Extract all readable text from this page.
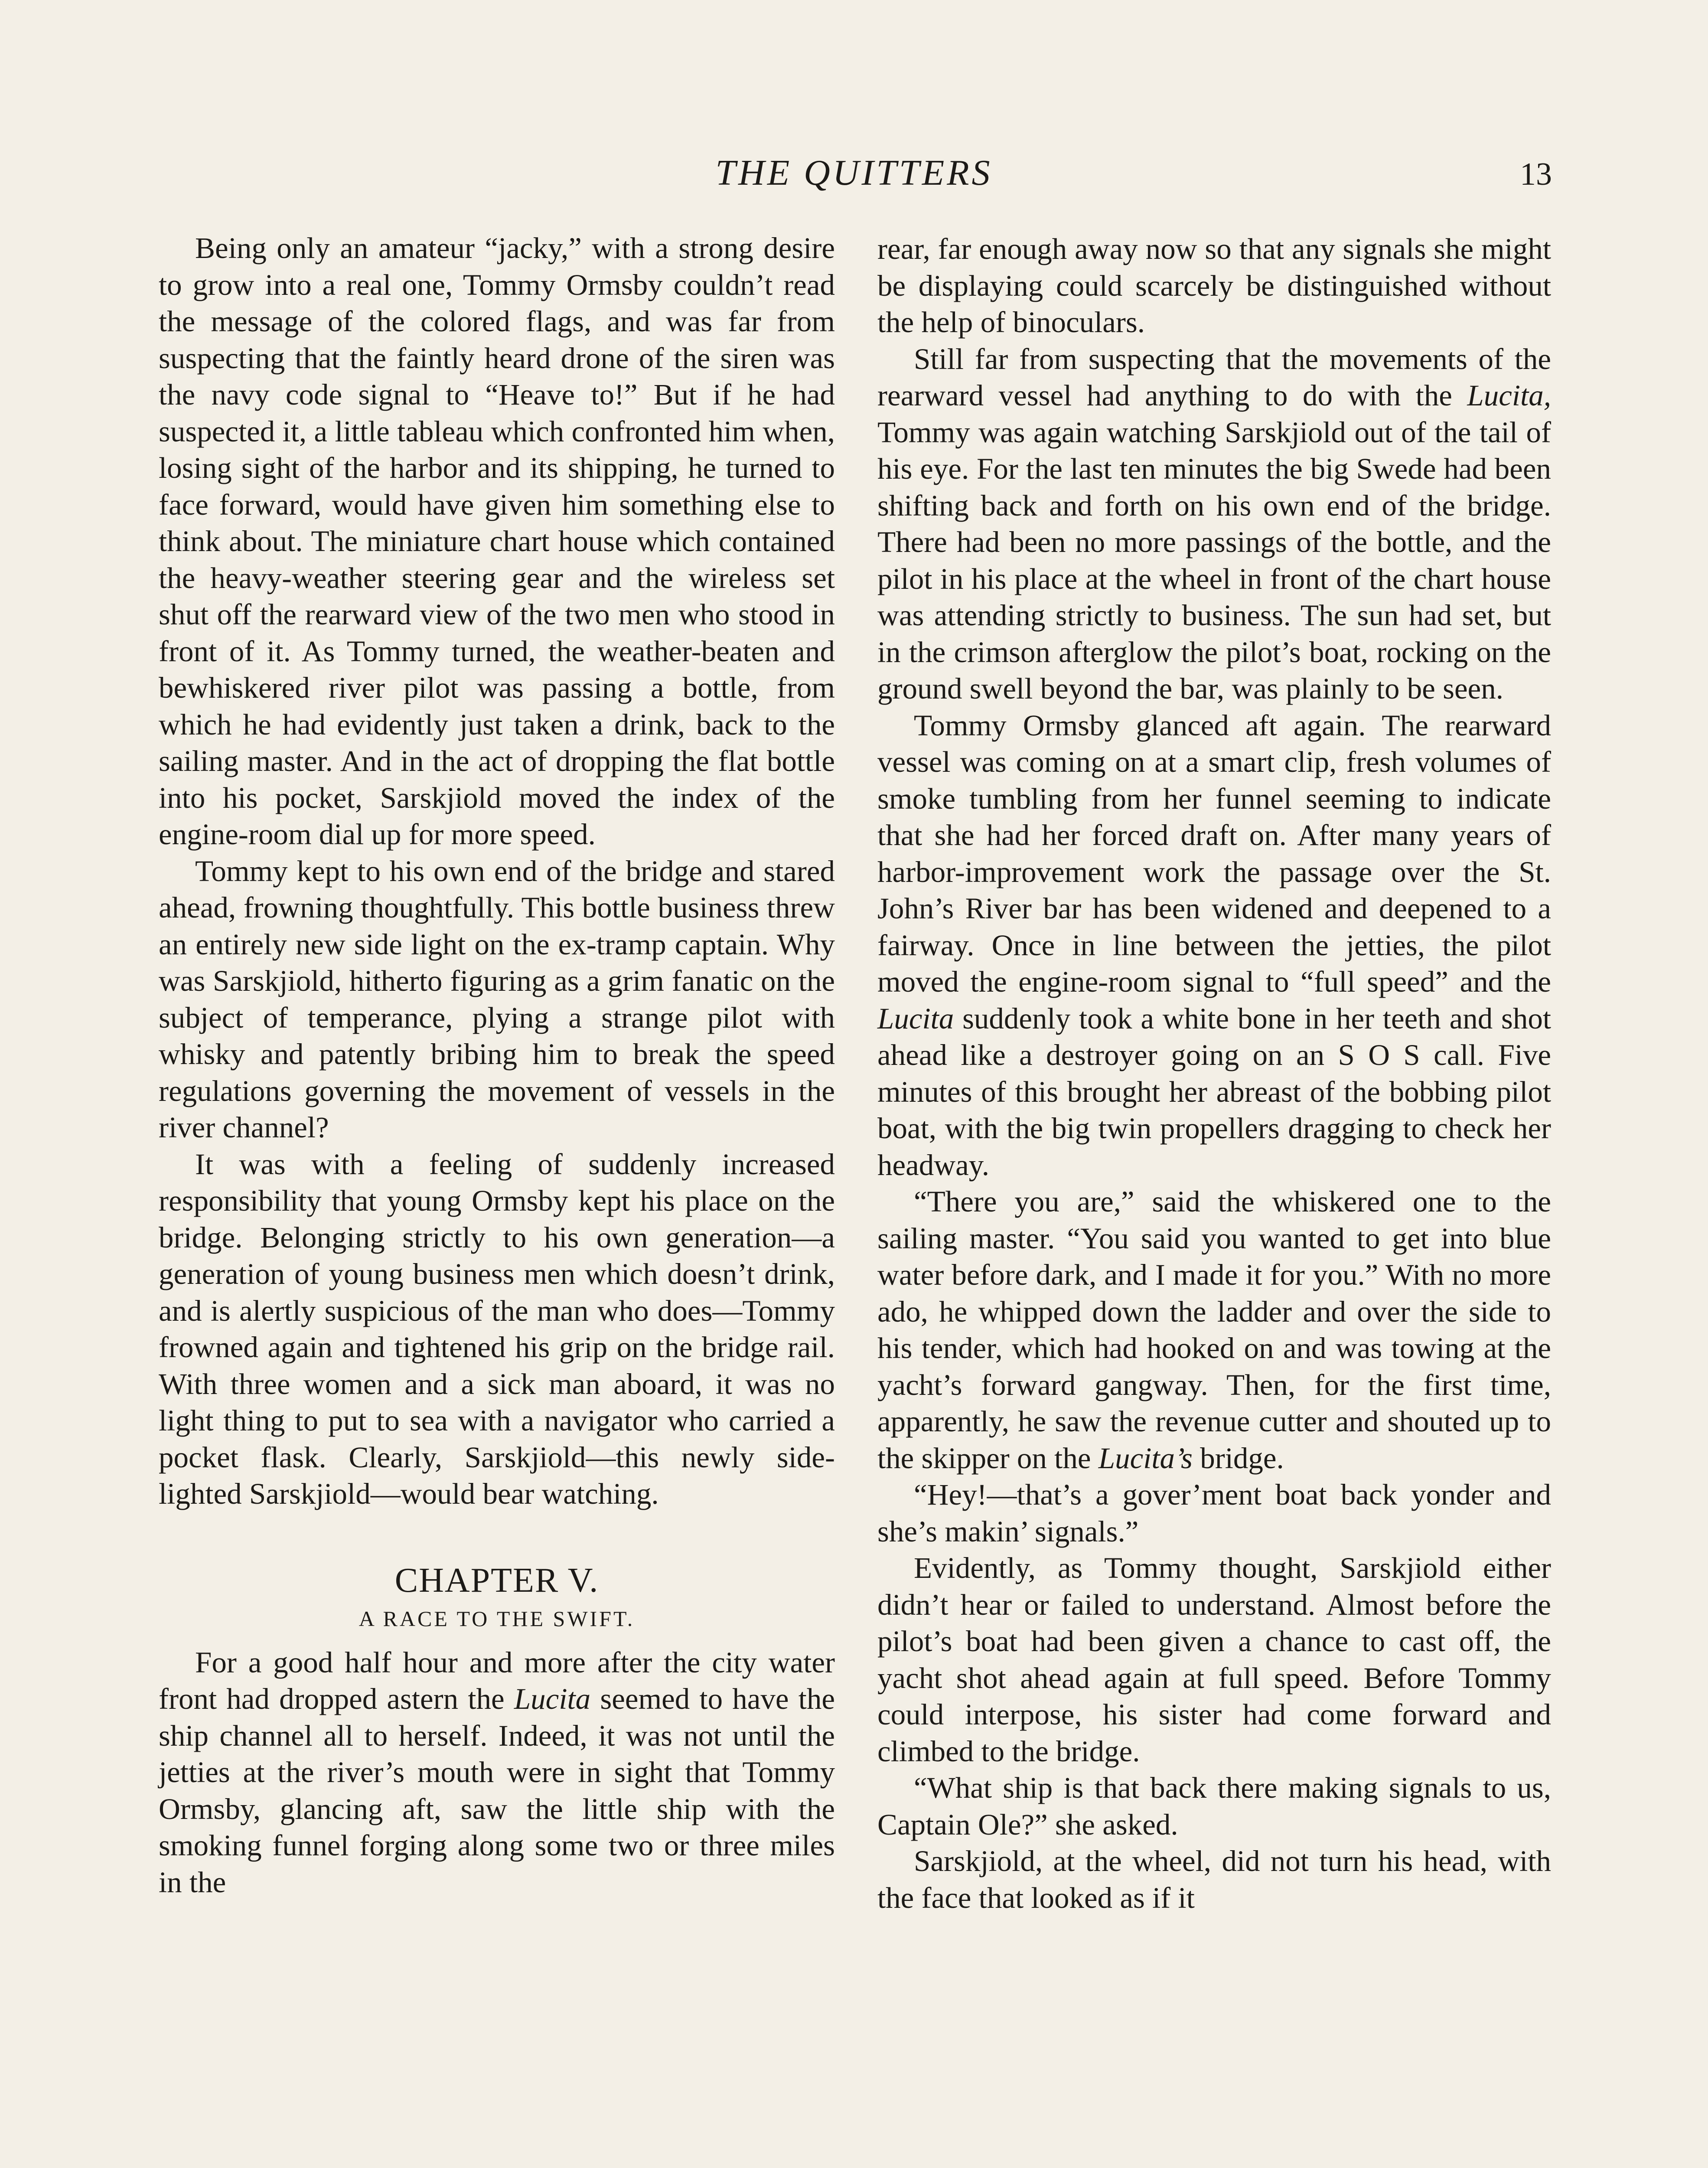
THE QUITTERS	13

Being only an amateur “jacky,” with a strong desire to grow into a real one, Tommy Ormsby couldn’t read the message of the colored flags, and was far from suspecting that the faintly heard drone of the siren was the navy code signal to “Heave to!” But if he had suspected it, a little tableau which confronted him when, losing sight of the harbor and its shipping, he turned to face forward, would have given him something else to think about. The miniature chart house which contained the heavy-weather steering gear and the wireless set shut off the rearward view of the two men who stood in front of it. As Tommy turned, the weather-beaten and bewhiskered river pilot was passing a bottle, from which he had evidently just taken a drink, back to the sailing master. And in the act of dropping the flat bottle into his pocket, Sarskjiold moved the index of the engine-room dial up for more speed.

Tommy kept to his own end of the bridge and stared ahead, frowning thoughtfully. This bottle business threw an entirely new side light on the ex-tramp captain. Why was Sarskjiold, hitherto figuring as a grim fanatic on the subject of temperance, plying a strange pilot with whisky and patently bribing him to break the speed regulations governing the movement of vessels in the river channel?

It was with a feeling of suddenly increased responsibility that young Ormsby kept his place on the bridge. Belonging strictly to his own generation—a generation of young business men which doesn’t drink, and is alertly suspicious of the man who does—Tommy frowned again and tightened his grip on the bridge rail. With three women and a sick man aboard, it was no light thing to put to sea with a navigator who carried a pocket flask. Clearly, Sarskjiold—this newly side-lighted Sarskjiold—would bear watching.

CHAPTER V.
A RACE TO THE SWIFT.

For a good half hour and more after the city water front had dropped astern the Lucita seemed to have the ship channel all to herself. Indeed, it was not until the jetties at the river’s mouth were in sight that Tommy Ormsby, glancing aft, saw the little ship with the smoking funnel forging along some two or three miles in the

rear, far enough away now so that any signals she might be displaying could scarcely be distinguished without the help of binoculars.

Still far from suspecting that the movements of the rearward vessel had anything to do with the Lucita, Tommy was again watching Sarskjiold out of the tail of his eye. For the last ten minutes the big Swede had been shifting back and forth on his own end of the bridge. There had been no more passings of the bottle, and the pilot in his place at the wheel in front of the chart house was attending strictly to business. The sun had set, but in the crimson afterglow the pilot’s boat, rocking on the ground swell beyond the bar, was plainly to be seen.

Tommy Ormsby glanced aft again. The rearward vessel was coming on at a smart clip, fresh volumes of smoke tumbling from her funnel seeming to indicate that she had her forced draft on. After many years of harbor-improvement work the passage over the St. John’s River bar has been widened and deepened to a fairway. Once in line between the jetties, the pilot moved the engine-room signal to “full speed” and the Lucita suddenly took a white bone in her teeth and shot ahead like a destroyer going on an S O S call. Five minutes of this brought her abreast of the bobbing pilot boat, with the big twin propellers dragging to check her headway.

“There you are,” said the whiskered one to the sailing master. “You said you wanted to get into blue water before dark, and I made it for you.” With no more ado, he whipped down the ladder and over the side to his tender, which had hooked on and was towing at the yacht’s forward gangway. Then, for the first time, apparently, he saw the revenue cutter and shouted up to the skipper on the Lucita’s bridge.

“Hey!—that’s a gover’ment boat back yonder and she’s makin’ signals.”

Evidently, as Tommy thought, Sarskjiold either didn’t hear or failed to understand. Almost before the pilot’s boat had been given a chance to cast off, the yacht shot ahead again at full speed. Before Tommy could interpose, his sister had come forward and climbed to the bridge.

“What ship is that back there making signals to us, Captain Ole?” she asked.

Sarskjiold, at the wheel, did not turn his head, with the face that looked as if it
